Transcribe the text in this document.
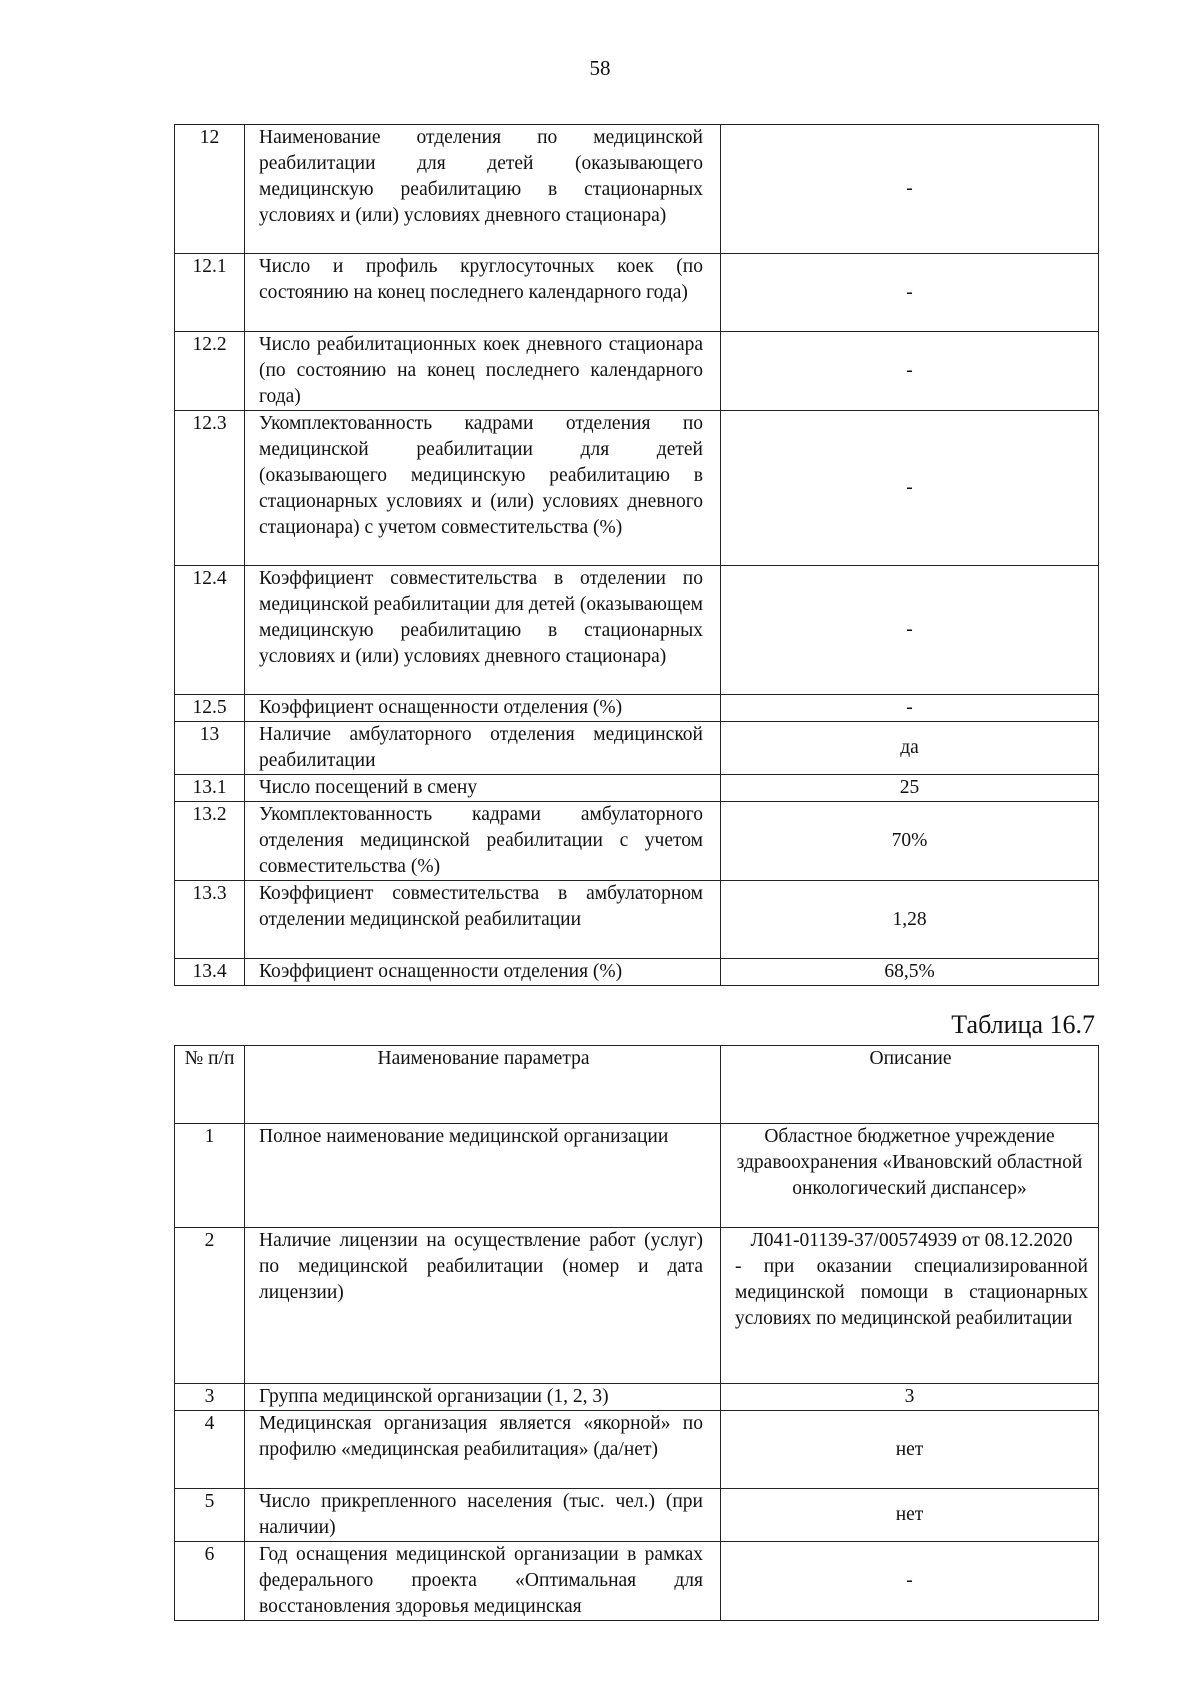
58
12	Наименование отделения по медицинской реабилитации для детей (оказывающего медицинскую реабилитацию в стационарных условиях и (или) условиях дневного стационара)	-
12.1	Число и профиль круглосуточных коек (по состоянию на конец последнего календарного года)	-
12.2	Число реабилитационных коек дневного стационара (по состоянию на конец последнего календарного года)	-
12.3	Укомплектованность кадрами отделения по медицинской реабилитации для детей (оказывающего медицинскую реабилитацию в стационарных условиях и (или) условиях дневного стационара) с учетом совместительства (%)	-
12.4	Коэффициент совместительства в отделении по медицинской реабилитации для детей (оказывающем медицинскую реабилитацию в стационарных условиях и (или) условиях дневного стационара)	-
12.5	Коэффициент оснащенности отделения (%)	-
13	Наличие амбулаторного отделения медицинской реабилитации	да
13.1	Число посещений в смену	25
13.2	Укомплектованность кадрами амбулаторного отделения медицинской реабилитации с учетом совместительства (%)	70%
13.3	Коэффициент совместительства в амбулаторном отделении медицинской реабилитации	1,28
13.4	Коэффициент оснащенности отделения (%)	68,5%
Таблица 16.7
№ п/п	Наименование параметра	Описание
1	Полное наименование медицинской организации	Областное бюджетное учреждение здравоохранения «Ивановский областной онкологический диспансер»
2	Наличие лицензии на осуществление работ (услуг) по медицинской реабилитации (номер и дата лицензии)	Л041-01139-37/00574939 от 08.12.2020
- при оказании специализированной медицинской помощи в стационарных условиях по медицинской реабилитации

3	Группа медицинской организации (1, 2, 3)	3
4	Медицинская организация является «якорной» по профилю «медицинская реабилитация» (да/нет)	нет
5	Число прикрепленного населения (тыс. чел.) (при наличии)	нет
6	Год оснащения медицинской организации в рамках федерального проекта «Оптимальная для восстановления здоровья медицинская	-
